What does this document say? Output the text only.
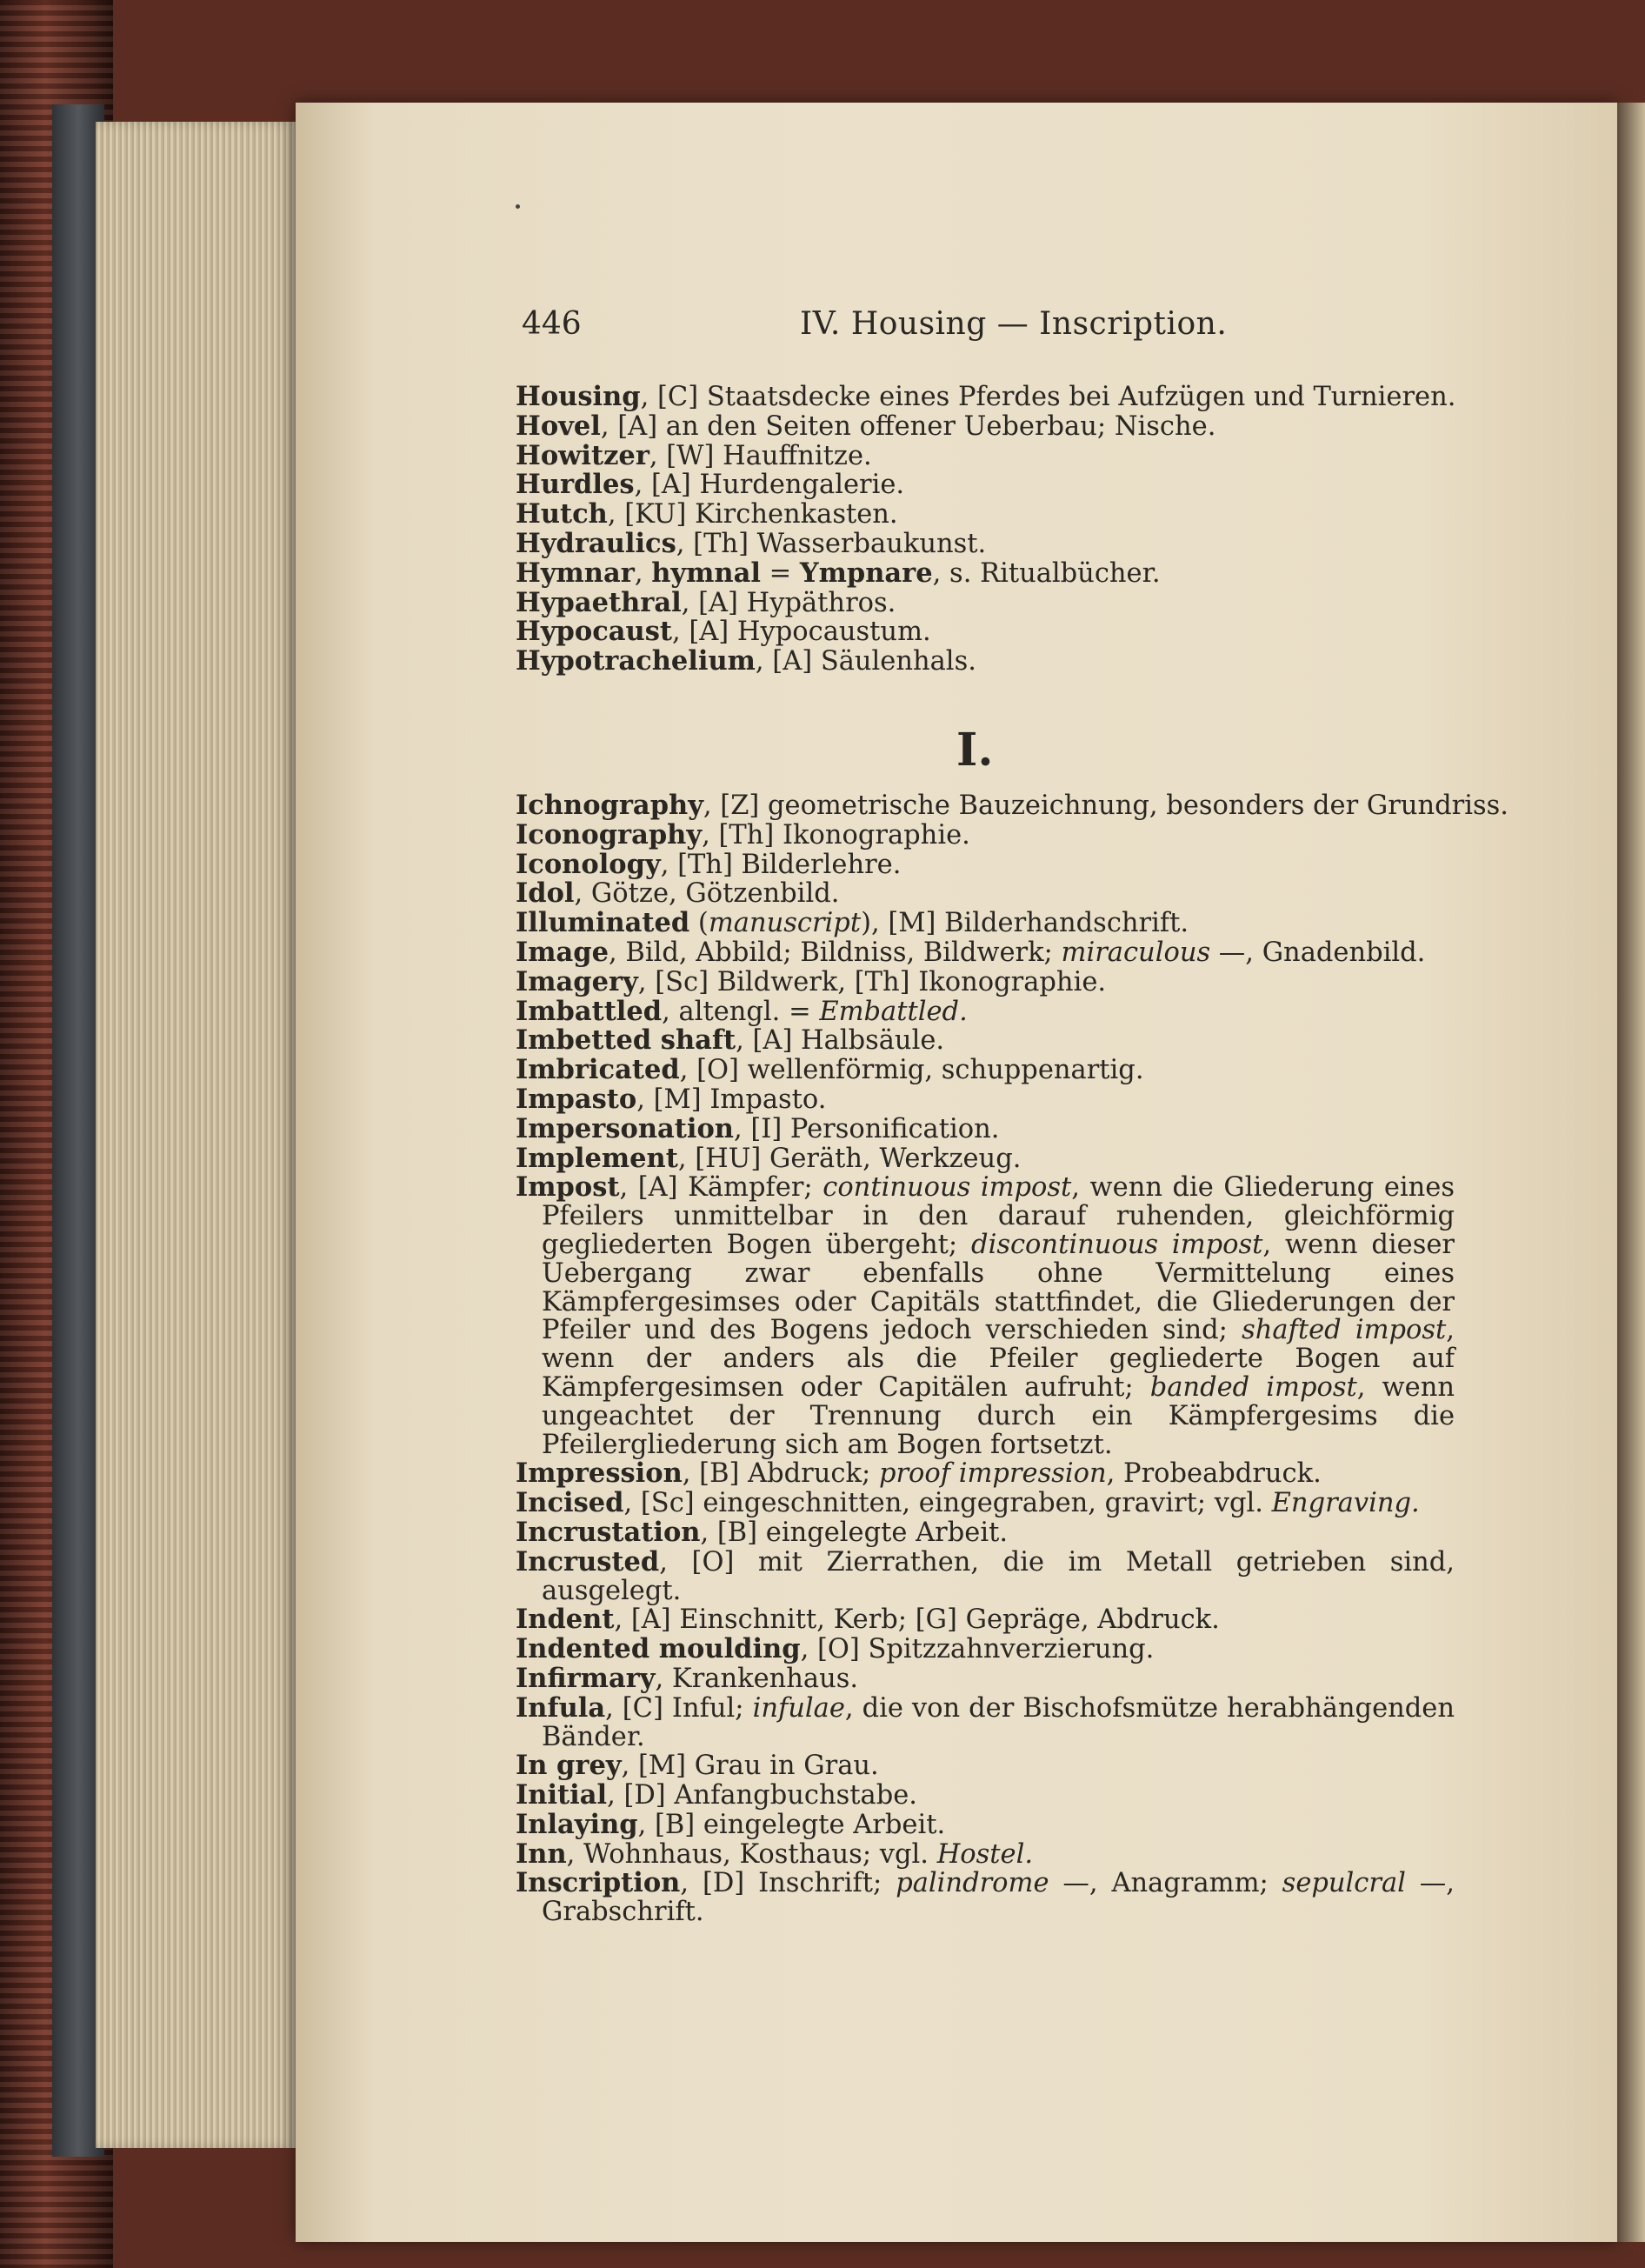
446	IV. Housing — Inscription.
Housing, [C] Staatsdecke eines Pferdes bei Aufzügen und Turnieren.
Hovel, [A] an den Seiten offener Ueberbau; Nische.
Howitzer, [W] Hauffnitze.
Hurdles, [A] Hurdengalerie.
Hutch, [KU] Kirchenkasten.
Hydraulics, [Th] Wasserbaukunst.
Hymnar, hymnal = Ympnare, s. Ritualbücher.
Hypaethral, [A] Hypäthros.
Hypocaust, [A] Hypocaustum.
Hypotrachelium, [A] Säulenhals.
I.
Ichnography, [Z] geometrische Bauzeichnung, besonders der Grundriss.
Iconography, [Th] Ikonographie.
Iconology, [Th] Bilderlehre.
Idol, Götze, Götzenbild.
Illuminated (manuscript), [M] Bilderhandschrift.
Image, Bild, Abbild; Bildniss, Bildwerk; miraculous —, Gnadenbild.
Imagery, [Sc] Bildwerk, [Th] Ikonographie.
Imbattled, altengl. = Embattled.
Imbetted shaft, [A] Halbsäule.
Imbricated, [O] wellenförmig, schuppenartig.
Impasto, [M] Impasto.
Impersonation, [I] Personification.
Implement, [HU] Geräth, Werkzeug.
Impost, [A] Kämpfer; continuous impost, wenn die Gliederung eines Pfeilers unmittelbar in den darauf ruhenden, gleichförmig gegliederten Bogen übergeht; discontinuous impost, wenn dieser Uebergang zwar ebenfalls ohne Vermittelung eines Kämpfergesimses oder Capitäls stattfindet, die Gliederungen der Pfeiler und des Bogens jedoch verschieden sind; shafted impost, wenn der anders als die Pfeiler gegliederte Bogen auf Kämpfergesimsen oder Capitälen aufruht; banded impost, wenn ungeachtet der Trennung durch ein Kämpfergesims die Pfeilergliederung sich am Bogen fortsetzt.
Impression, [B] Abdruck; proof impression, Probeabdruck.
Incised, [Sc] eingeschnitten, eingegraben, gravirt; vgl. Engraving.
Incrustation, [B] eingelegte Arbeit.
Incrusted, [O] mit Zierrathen, die im Metall getrieben sind, ausgelegt.
Indent, [A] Einschnitt, Kerb; [G] Gepräge, Abdruck.
Indented moulding, [O] Spitzzahnverzierung.
Infirmary, Krankenhaus.
Infula, [C] Inful; infulae, die von der Bischofsmütze herabhängenden Bänder.
In grey, [M] Grau in Grau.
Initial, [D] Anfangbuchstabe.
Inlaying, [B] eingelegte Arbeit.
Inn, Wohnhaus, Kosthaus; vgl. Hostel.
Inscription, [D] Inschrift; palindrome —, Anagramm; sepulcral —, Grabschrift.
